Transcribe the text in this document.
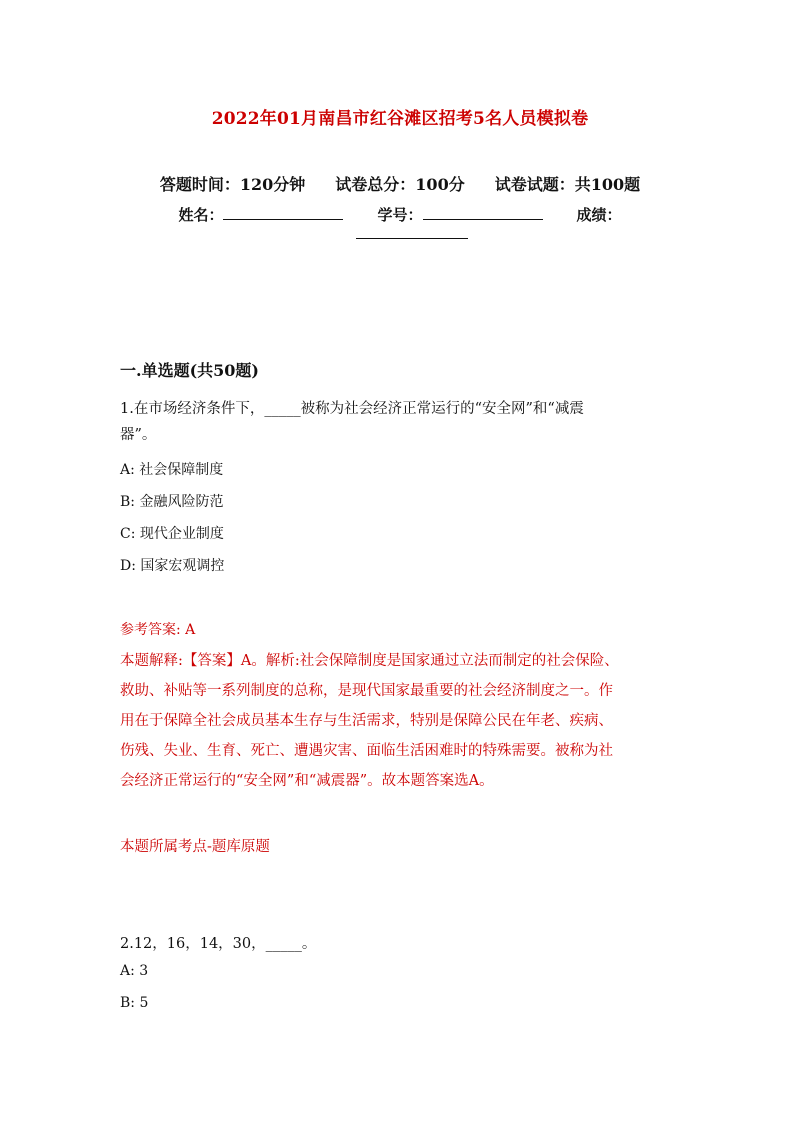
2022年01月南昌市红谷滩区招考5名人员模拟卷
答题时间：120分钟 试卷总分：100分 试卷试题：共100题
姓名：	学号：	成绩：
一.单选题(共50题)
1.在市场经济条件下，_____被称为社会经济正常运行的“安全网”和“减震
器”。
A: 社会保障制度
B: 金融风险防范
C: 现代企业制度
D: 国家宏观调控
参考答案: A
本题解释:【答案】A。解析:社会保障制度是国家通过立法而制定的社会保险、
救助、补贴等一系列制度的总称，是现代国家最重要的社会经济制度之一。作
用在于保障全社会成员基本生存与生活需求，特别是保障公民在年老、疾病、
伤残、失业、生育、死亡、遭遇灾害、面临生活困难时的特殊需要。被称为社
会经济正常运行的“安全网”和“减震器”。故本题答案选A。
本题所属考点-题库原题
2.12，16，14，30，_____。
A: 3
B: 5
